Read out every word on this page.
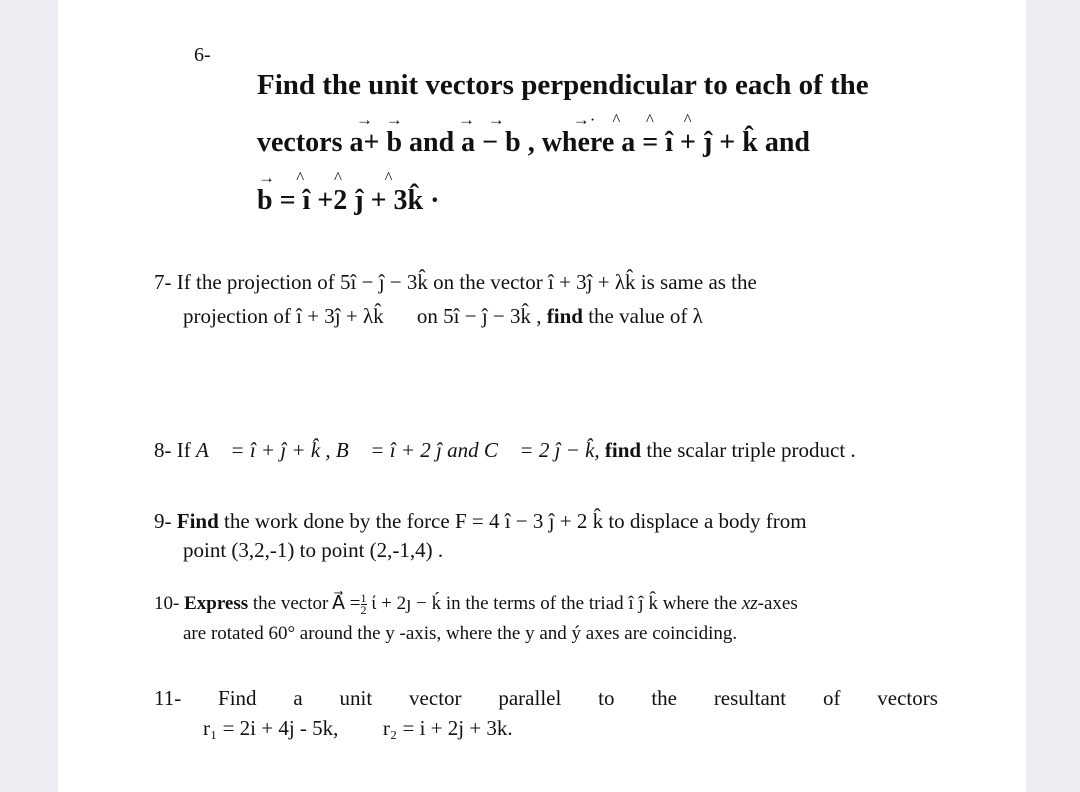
6-
Find the unit vectors perpendicular to each of the
→   →             →   →                →·    ^      ^       ^
vectors a+ b and a − b , where a = î + ĵ + k̂ and
→     ^       ^          ^
b = î +2 ĵ + 3k̂ ·
7- If the projection of 5î − ĵ − 3k̂ on the vector î + 3ĵ + λk̂ is same as the
projection of î + 3ĵ + λk̂ on 5î − ĵ − 3k̂ , find the value of λ
8- If A⃗ = î + ĵ + k̂ , B⃗ = î + 2 ĵ and C⃗ = 2 ĵ − k̂, find the scalar triple product .
9- Find the work done by the force F = 4 î − 3 ĵ + 2 k̂ to displace a body from
point (3,2,-1) to point (2,-1,4) .
10- Express the vector A⃗ = $\frac{1}{2}$ ί + 2ȷ − ḱ in the terms of the triad î ĵ k̂ where the xz-axes
are rotated 60° around the y -axis, where the y and ý axes are coinciding.
11- Find a unit vector parallel to the resultant of vectors
r₁ = 2i + 4j - 5k, r₂ = i + 2j + 3k.
